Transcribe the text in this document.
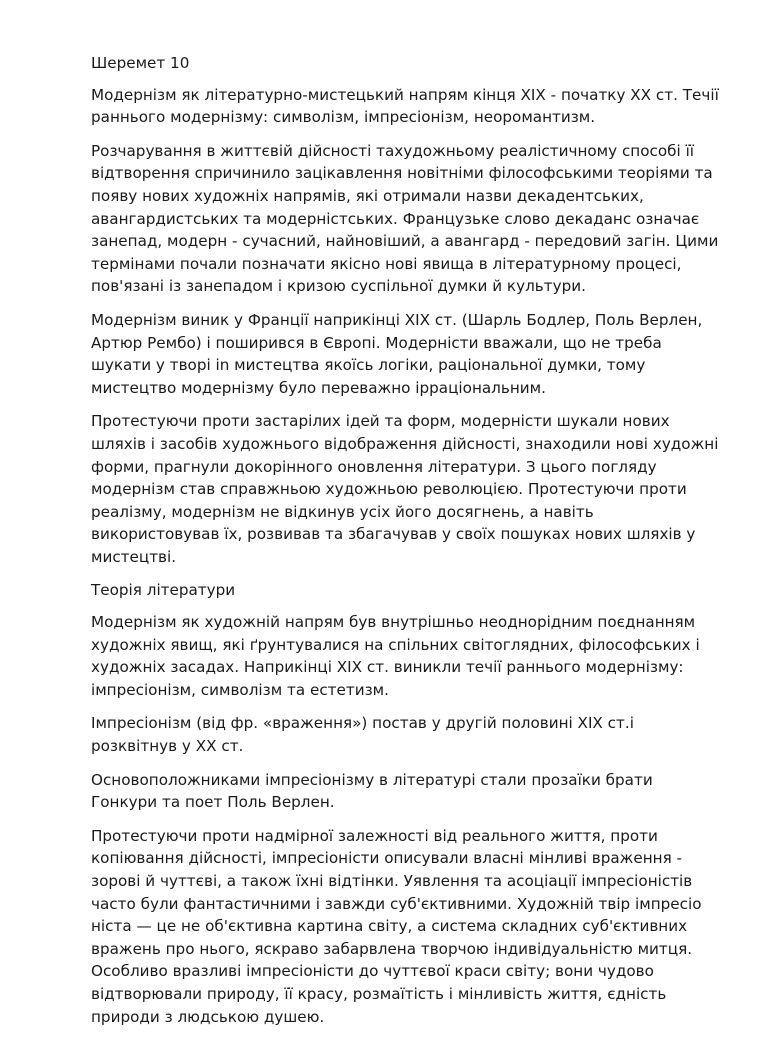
Шеремет 10

Модернізм як літературно-мистецький напрям кінця XIX - початку XX ст. Течії раннього модернізму: символізм, імпресіонізм, неоромантизм.

Розчарування в життєвій дійсності тахудожньому реалістичному способі її відтворення спричинило зацікавлення новітніми філософськими теоріями та появу нових художніх напрямів, які отримали назви декадентських, авангардистських та модерністських. Французьке слово декаданс означає занепад, модерн - сучасний, найновіший, а авангард - передовий загін. Цими термінами почали позначати якісно нові явища в літературному процесі, пов'язані із занепадом і кризою суспільної думки й культури.

Модернізм виник у Франції наприкінці XIX ст. (Шарль Бодлер, Поль Верлен, Артюр Рембо) і поширився в Європі. Модерністи вважали, що не треба шукати у творі in мистецтва якоїсь логіки, раціональної думки, тому мистецтво модернізму було переважно ірраціональним.

Протестуючи проти застарілих ідей та форм, модерністи шукали нових шляхів і засобів художнього відображення дійсності, знаходили нові художні форми, прагнули докорінного оновлення літератури. З цього погляду модернізм став справжньою художньою революцією. Протестуючи проти реалізму, модернізм не відкинув усіх його досягнень, а навіть використовував їх, розвивав та збагачував у своїх пошуках нових шляхів у мистецтві.

Теорія літератури

Модернізм як художній напрям був внутрішньо неоднорідним поєднанням художніх явищ, які ґрунтувалися на спільних світоглядних, філософських і художніх засадах. Наприкінці XIX ст. виникли течії раннього модернізму: імпресіонізм, символізм та естетизм.

Імпресіонізм (від фр. «враження») постав у другій половині XIX ст.і розквітнув у XX ст.

Основоположниками імпресіонізму в літературі стали прозаїки брати Гонкури та поет Поль Верлен.

Протестуючи проти надмірної залежності від реального життя, проти копіювання дійсності, імпресіоністи описували власні мінливі враження - зорові й чуттєві, а також їхні відтінки. Уявлення та асоціації імпресіоністів часто були фантастичними і завжди суб'єктивними. Художній твір імпресіо ніста — це не об'єктивна картина світу, а система складних суб'єктивних вражень про нього, яскраво забарвлена творчою індивідуальністю митця. Особливо вразливі імпресіоністи до чуттєвої краси світу; вони чудово відтворювали природу, її красу, розмаїтість і мінливість життя, єдність природи з людською душею.
